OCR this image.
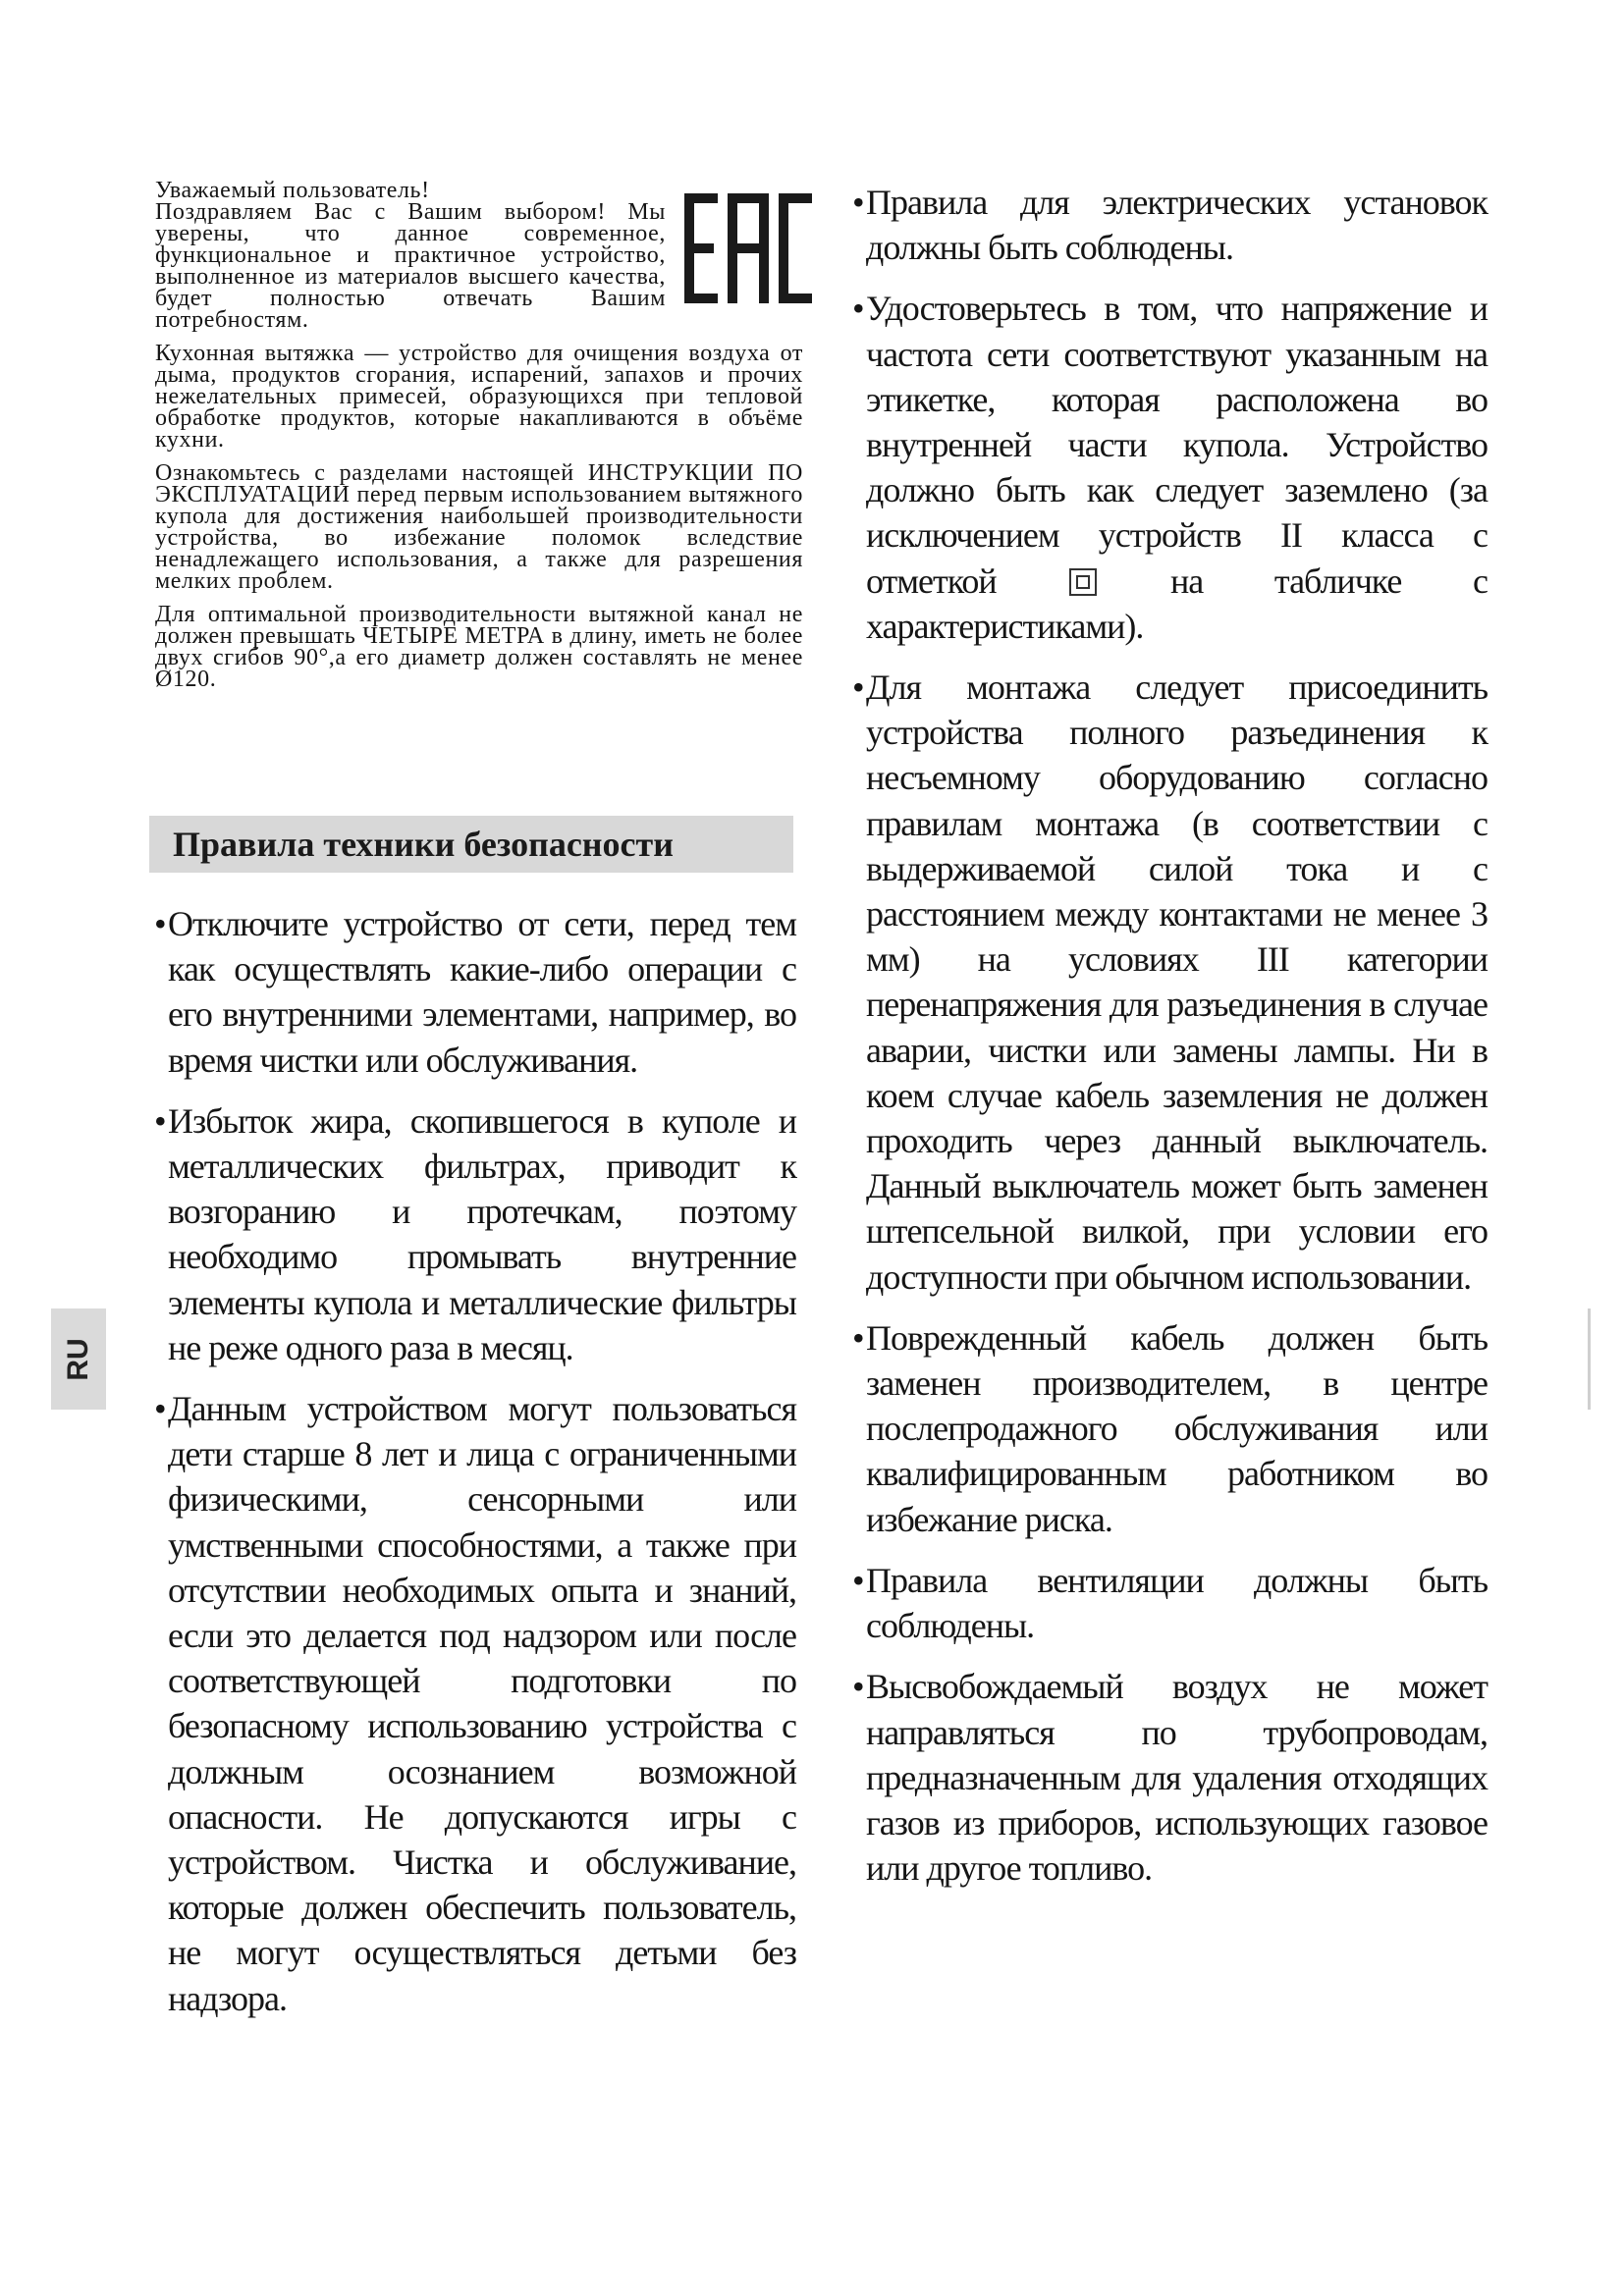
Уважаемый пользователь!

Поздравляем Вас с Вашим выбором! Мы уверены, что данное современное, функциональное и практичное устройство, выполненное из материалов высшего качества, будет полностью отвечать Вашим потребностям.

Кухонная вытяжка — устройство для очищения воздуха от дыма, продуктов сгорания, испарений, запахов и прочих нежелательных примесей, образующихся при тепловой обработке продуктов, которые накапливаются в объёме кухни.

Ознакомьтесь с разделами настоящей ИНСТРУКЦИИ ПО ЭКСПЛУАТАЦИИ перед первым использованием вытяжного купола для достижения наибольшей производительности устройства, во избежание поломок вследствие ненадлежащего использования, а также для разрешения мелких проблем.

Для оптимальной производительности вытяжной канал не должен превышать ЧЕТЫРЕ МЕТРА в длину, иметь не более двух сгибов 90°,а его диаметр должен составлять не менее Ø120.

Правила техники безопасности

• Отключите устройство от сети, перед тем как осуществлять какие-либо операции с его внутренними элементами, например, во время чистки или обслуживания.

• Избыток жира, скопившегося в куполе и металлических фильтрах, приводит к возгоранию и протечкам, поэтому необходимо промывать внутренние элементы купола и металлические фильтры не реже одного раза в месяц.

• Данным устройством могут пользоваться дети старше 8 лет и лица с ограниченными физическими, сенсорными или умственными способностями, а также при отсутствии необходимых опыта и знаний, если это делается под надзором или после соответствующей подготовки по безопасному использованию устройства с должным осознанием возможной опасности. Не допускаются игры с устройством. Чистка и обслуживание, которые должен обеспечить пользователь, не могут осуществляться детьми без надзора.

• Правила для электрических установок должны быть соблюдены.

• Удостоверьтесь в том, что напряжение и частота сети соответствуют указанным на этикетке, которая расположена во внутренней части купола. Устройство должно быть как следует заземлено (за исключением устройств II класса с отметкой	на табличке с характеристиками).

• Для монтажа следует присоединить устройства полного разъединения к несъемному оборудованию согласно правилам монтажа (в соответствии с выдерживаемой силой тока и с расстоянием между контактами не менее 3 мм) на условиях III категории перенапряжения для разъединения в случае аварии, чистки или замены лампы. Ни в коем случае кабель заземления не должен проходить через данный выключатель. Данный выключатель может быть заменен штепсельной вилкой, при условии его доступности при обычном использовании.

• Поврежденный кабель должен быть заменен производителем, в центре послепродажного обслуживания или квалифицированным работником во избежание риска.

• Правила вентиляции должны быть соблюдены.

• Высвобождаемый воздух не может направляться по трубопроводам, предназначенным для удаления отходящих газов из приборов, использующих газовое или другое топливо.

RU
